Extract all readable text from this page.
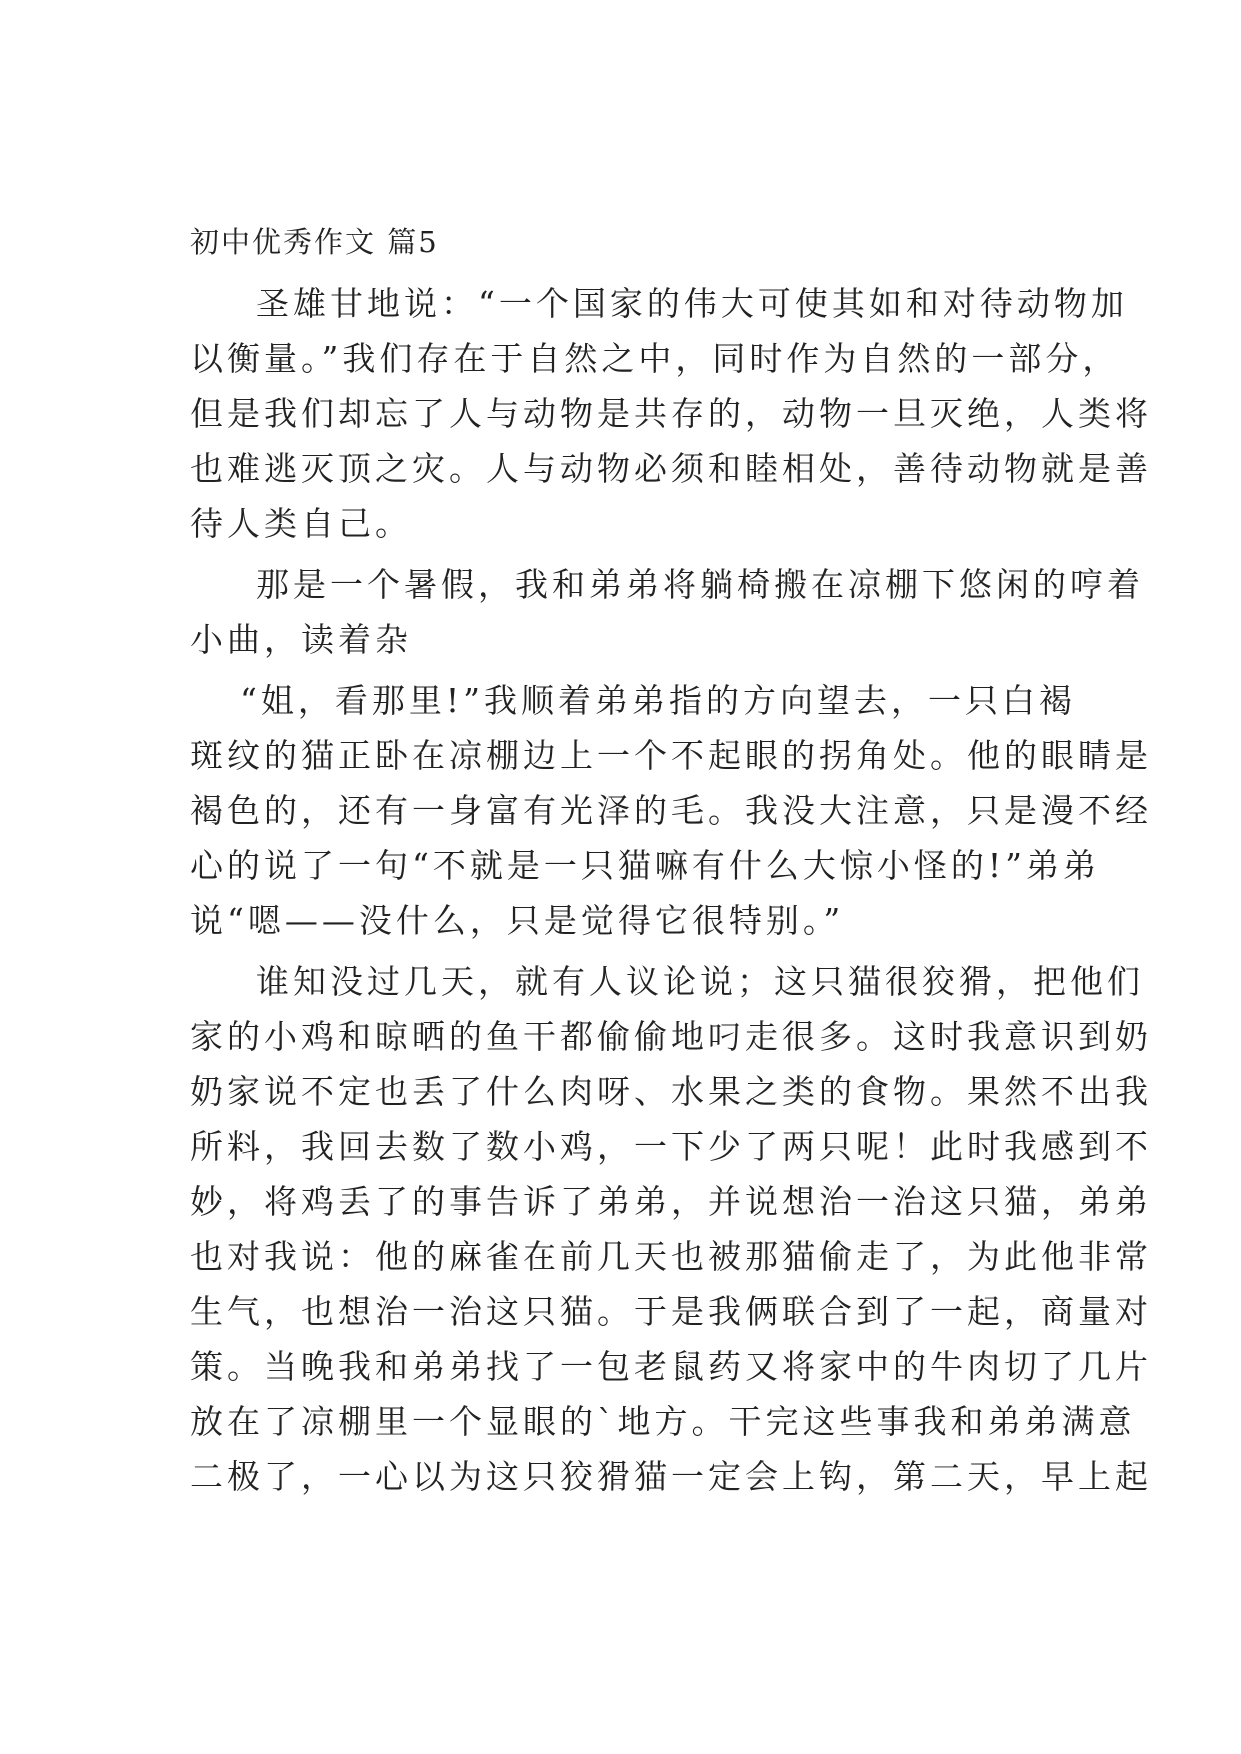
初中优秀作文 篇5

圣雄甘地说：“一个国家的伟大可使其如和对待动物加
以衡量。”我们存在于自然之中，同时作为自然的一部分，
但是我们却忘了人与动物是共存的，动物一旦灭绝，人类将
也难逃灭顶之灾。人与动物必须和睦相处，善待动物就是善
待人类自己。

那是一个暑假，我和弟弟将躺椅搬在凉棚下悠闲的哼着
小曲，读着杂

“姐，看那里!”我顺着弟弟指的方向望去，一只白褐
斑纹的猫正卧在凉棚边上一个不起眼的拐角处。他的眼睛是
褐色的，还有一身富有光泽的毛。我没大注意，只是漫不经
心的说了一句“不就是一只猫嘛有什么大惊小怪的!”弟弟
说“嗯——没什么，只是觉得它很特别。”

谁知没过几天，就有人议论说；这只猫很狡猾，把他们
家的小鸡和晾晒的鱼干都偷偷地叼走很多。这时我意识到奶
奶家说不定也丢了什么肉呀、水果之类的食物。果然不出我
所料，我回去数了数小鸡，一下少了两只呢！此时我感到不
妙，将鸡丢了的事告诉了弟弟，并说想治一治这只猫，弟弟
也对我说：他的麻雀在前几天也被那猫偷走了，为此他非常
生气，也想治一治这只猫。于是我俩联合到了一起，商量对
策。当晚我和弟弟找了一包老鼠药又将家中的牛肉切了几片
放在了凉棚里一个显眼的`地方。干完这些事我和弟弟满意
二极了，一心以为这只狡猾猫一定会上钩，第二天，早上起
